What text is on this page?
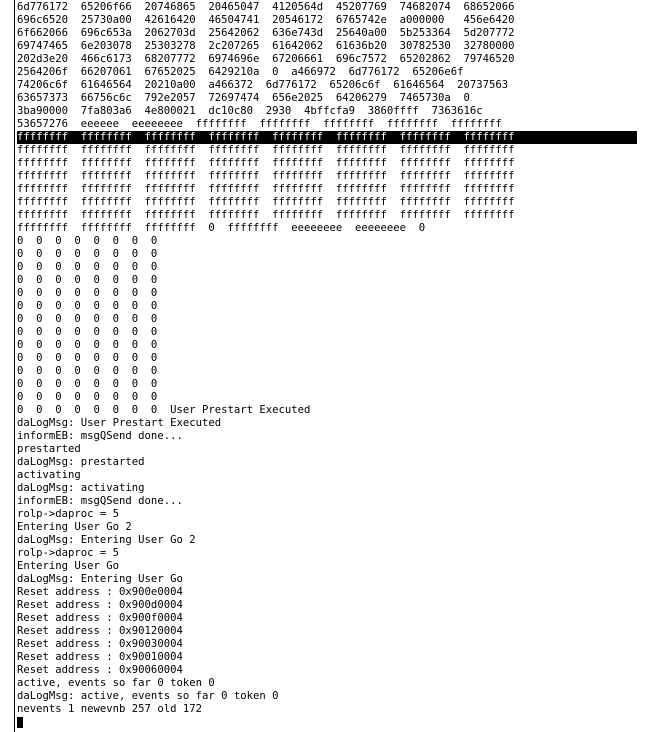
6d776172  65206f66  20746865  20465047  4120564d  45207769  74682074  68652066
696c6520  25730a00  42616420  46504741  20546172  6765742e  a000000   456e6420
6f662066  696c653a  2062703d  25642062  636e743d  25640a00  5b253364  5d207772
69747465  6e203078  25303278  2c207265  61642062  61636b20  30782530  32780000
202d3e20  466c6173  68207772  6974696e  67206661  696c7572  65202862  79746520
2564206f  66207061  67652025  6429210a  0  a466972  6d776172  65206e6f
74206c6f  61646564  20210a00  a466372  6d776172  65206c6f  61646564  20737563
63657373  66756c6c  792e2057  72697474  656e2025  64206279  7465730a  0
3ba90000  7fa803a6  4e800021  dc10c80  2930  4bffcfa9  3860ffff  7363616c
53657276  eeeeee  eeeeeeee  ffffffff  ffffffff  ffffffff  ffffffff  ffffffff
ffffffff  ffffffff  ffffffff  ffffffff  ffffffff  ffffffff  ffffffff  ffffffff
ffffffff  ffffffff  ffffffff  ffffffff  ffffffff  ffffffff  ffffffff  ffffffff
ffffffff  ffffffff  ffffffff  ffffffff  ffffffff  ffffffff  ffffffff  ffffffff
ffffffff  ffffffff  ffffffff  ffffffff  ffffffff  ffffffff  ffffffff  ffffffff
ffffffff  ffffffff  ffffffff  ffffffff  ffffffff  ffffffff  ffffffff  ffffffff
ffffffff  ffffffff  ffffffff  ffffffff  ffffffff  ffffffff  ffffffff  ffffffff
ffffffff  ffffffff  ffffffff  ffffffff  ffffffff  ffffffff  ffffffff  ffffffff
ffffffff  ffffffff  ffffffff  0  ffffffff  eeeeeeee  eeeeeeee  0
0  0  0  0  0  0  0  0
0  0  0  0  0  0  0  0
0  0  0  0  0  0  0  0
0  0  0  0  0  0  0  0
0  0  0  0  0  0  0  0
0  0  0  0  0  0  0  0
0  0  0  0  0  0  0  0
0  0  0  0  0  0  0  0
0  0  0  0  0  0  0  0
0  0  0  0  0  0  0  0
0  0  0  0  0  0  0  0
0  0  0  0  0  0  0  0
0  0  0  0  0  0  0  0
0  0  0  0  0  0  0  0  User Prestart Executed
daLogMsg: User Prestart Executed
informEB: msgQSend done...
prestarted
daLogMsg: prestarted
activating
daLogMsg: activating
informEB: msgQSend done...
rolp->daproc = 5
Entering User Go 2
daLogMsg: Entering User Go 2
rolp->daproc = 5
Entering User Go
daLogMsg: Entering User Go
Reset address : 0x900e0004
Reset address : 0x900d0004
Reset address : 0x900f0004
Reset address : 0x90120004
Reset address : 0x90030004
Reset address : 0x90010004
Reset address : 0x90060004
active, events so far 0 token 0
daLogMsg: active, events so far 0 token 0
nevents 1 newevnb 257 old 172
